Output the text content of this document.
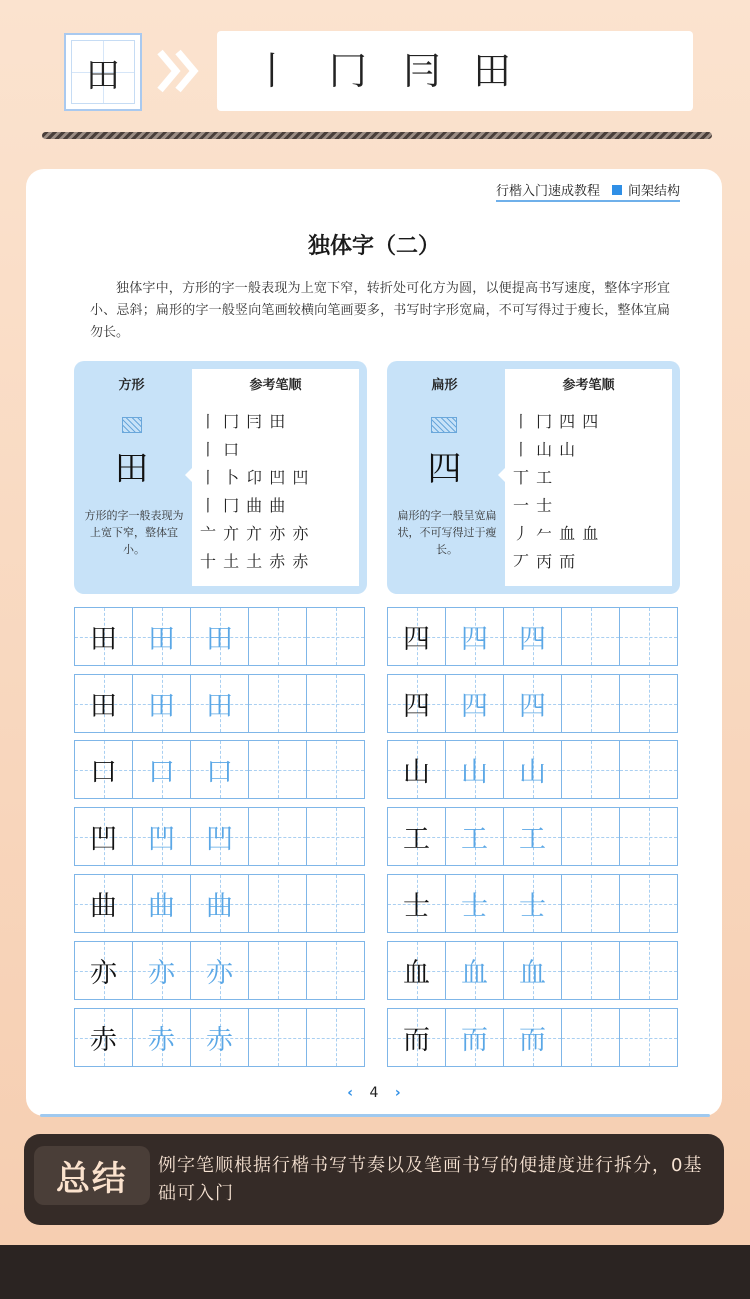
田	丨 冂 冃 田
行楷入门速成教程 间架结构
独体字（二）
独体字中，方形的字一般表现为上宽下窄，转折处可化方为圆，以便提高书写速度，整体字形宜小、忌斜；扁形的字一般竖向笔画较横向笔画要多，书写时字形宽扁，不可写得过于瘦长，整体宜扁勿长。
方形
田
方形的字一般表现为上宽下窄，整体宜小。
参考笔顺
丨 冂 冃 田
丨 口
丨 卜 卬 凹 凹
丨 冂 曲 曲
亠 亣 亣 亦 亦
十 土 土 赤 赤
扁形
四
扁形的字一般呈宽扁状，不可写得过于瘦长。
参考笔顺
丨 冂 四 四
丨 山 山
丅 工
一 士
丿 𠂉 血 血
丆 丙 而
田 田 田
田 田 田
口 口 口
凹 凹 凹
曲 曲 曲
亦 亦 亦
赤 赤 赤
四 四 四
四 四 四
山 山 山
工 工 工
士 士 士
血 血 血
而 而 而
‹ 4 ›
总结	例字笔顺根据行楷书写节奏以及笔画书写的便捷度进行拆分，0基础可入门
